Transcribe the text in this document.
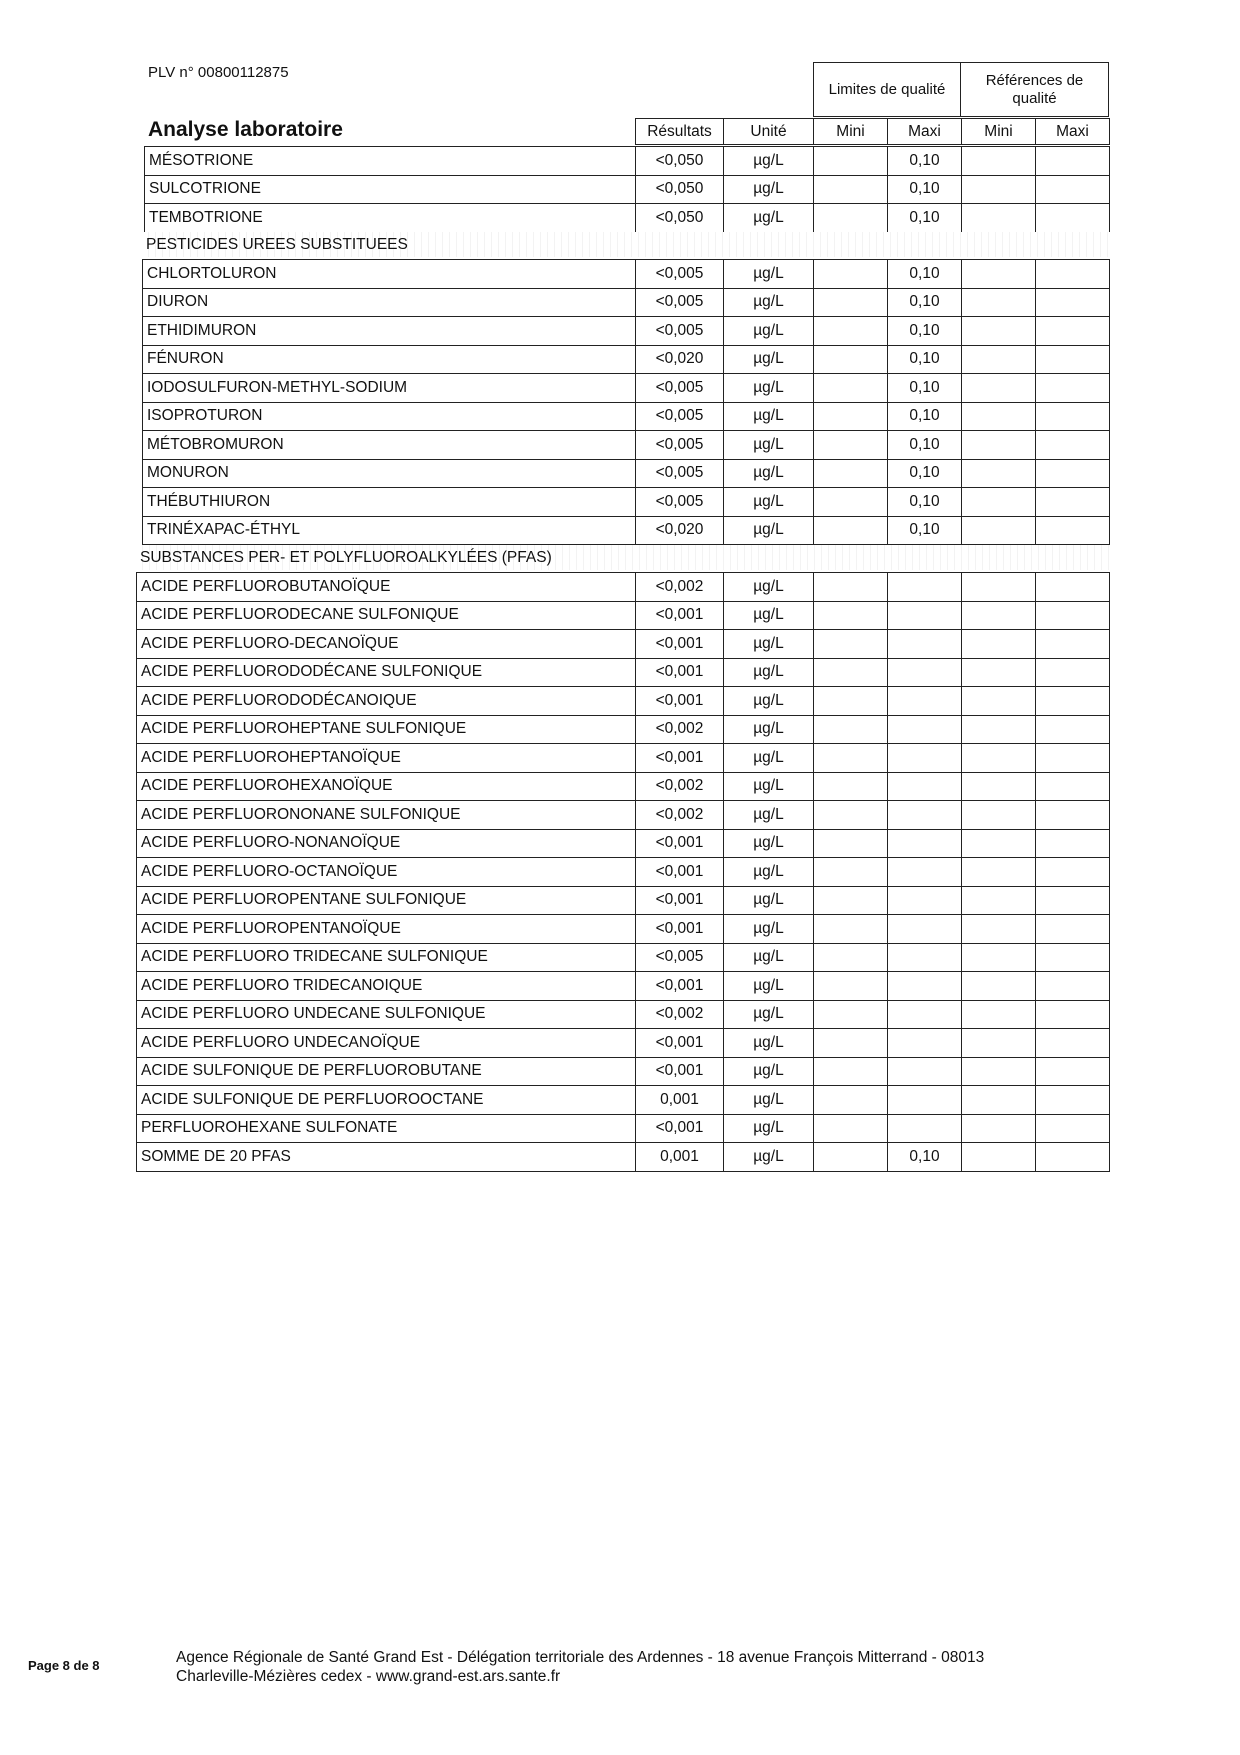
PLV n° 00800112875
Limites de qualité
Références de qualité
Analyse laboratoire	Résultats	Unité	Mini	Maxi	Mini	Maxi
MÉSOTRIONE	<0,050	µg/L		0,10		
SULCOTRIONE	<0,050	µg/L		0,10		
TEMBOTRIONE	<0,050	µg/L		0,10		
PESTICIDES UREES SUBSTITUEES
CHLORTOLURON	<0,005	µg/L		0,10		
DIURON	<0,005	µg/L		0,10		
ETHIDIMURON	<0,005	µg/L		0,10		
FÉNURON	<0,020	µg/L		0,10		
IODOSULFURON-METHYL-SODIUM	<0,005	µg/L		0,10		
ISOPROTURON	<0,005	µg/L		0,10		
MÉTOBROMURON	<0,005	µg/L		0,10		
MONURON	<0,005	µg/L		0,10		
THÉBUTHIURON	<0,005	µg/L		0,10		
TRINÉXAPAC-ÉTHYL	<0,020	µg/L		0,10		
SUBSTANCES PER- ET POLYFLUOROALKYLÉES (PFAS)
ACIDE PERFLUOROBUTANOÏQUE	<0,002	µg/L				
ACIDE PERFLUORODECANE SULFONIQUE	<0,001	µg/L				
ACIDE PERFLUORO-DECANOÏQUE	<0,001	µg/L				
ACIDE PERFLUORODODÉCANE SULFONIQUE	<0,001	µg/L				
ACIDE PERFLUORODODÉCANOIQUE	<0,001	µg/L				
ACIDE PERFLUOROHEPTANE SULFONIQUE	<0,002	µg/L				
ACIDE PERFLUOROHEPTANOÏQUE	<0,001	µg/L				
ACIDE PERFLUOROHEXANOÏQUE	<0,002	µg/L				
ACIDE PERFLUORONONANE SULFONIQUE	<0,002	µg/L				
ACIDE PERFLUORO-NONANOÏQUE	<0,001	µg/L				
ACIDE PERFLUORO-OCTANOÏQUE	<0,001	µg/L				
ACIDE PERFLUOROPENTANE SULFONIQUE	<0,001	µg/L				
ACIDE PERFLUOROPENTANOÏQUE	<0,001	µg/L				
ACIDE PERFLUORO TRIDECANE SULFONIQUE	<0,005	µg/L				
ACIDE PERFLUORO TRIDECANOIQUE	<0,001	µg/L				
ACIDE PERFLUORO UNDECANE SULFONIQUE	<0,002	µg/L				
ACIDE PERFLUORO UNDECANOÏQUE	<0,001	µg/L				
ACIDE SULFONIQUE DE PERFLUOROBUTANE	<0,001	µg/L				
ACIDE SULFONIQUE DE PERFLUOROOCTANE	0,001	µg/L				
PERFLUOROHEXANE SULFONATE	<0,001	µg/L				
SOMME DE 20 PFAS	0,001	µg/L		0,10		
Page 8 de 8	Agence Régionale de Santé Grand Est - Délégation territoriale des Ardennes - 18 avenue François Mitterrand - 08013
Charleville-Mézières cedex - www.grand-est.ars.sante.fr
